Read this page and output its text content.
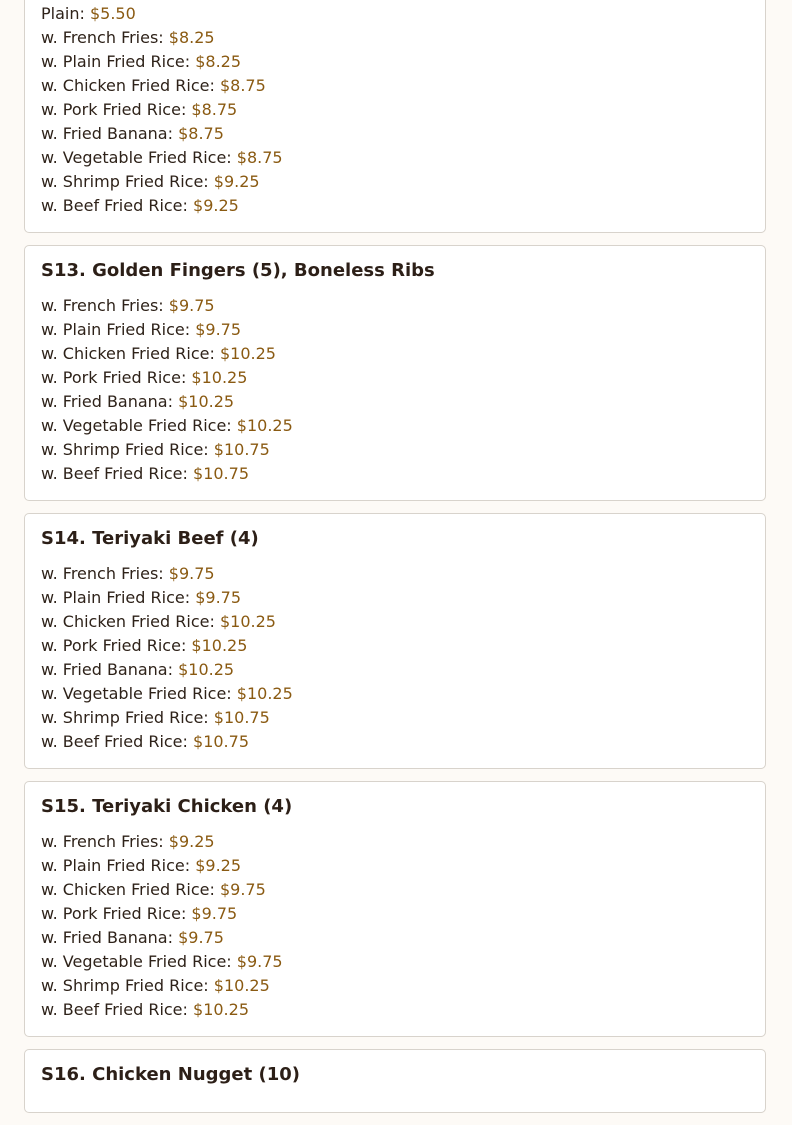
Plain: $5.50
w. French Fries: $8.25
w. Plain Fried Rice: $8.25
w. Chicken Fried Rice: $8.75
w. Pork Fried Rice: $8.75
w. Fried Banana: $8.75
w. Vegetable Fried Rice: $8.75
w. Shrimp Fried Rice: $9.25
w. Beef Fried Rice: $9.25
S13. Golden Fingers (5), Boneless Ribs
w. French Fries: $9.75
w. Plain Fried Rice: $9.75
w. Chicken Fried Rice: $10.25
w. Pork Fried Rice: $10.25
w. Fried Banana: $10.25
w. Vegetable Fried Rice: $10.25
w. Shrimp Fried Rice: $10.75
w. Beef Fried Rice: $10.75
S14. Teriyaki Beef (4)
w. French Fries: $9.75
w. Plain Fried Rice: $9.75
w. Chicken Fried Rice: $10.25
w. Pork Fried Rice: $10.25
w. Fried Banana: $10.25
w. Vegetable Fried Rice: $10.25
w. Shrimp Fried Rice: $10.75
w. Beef Fried Rice: $10.75
S15. Teriyaki Chicken (4)
w. French Fries: $9.25
w. Plain Fried Rice: $9.25
w. Chicken Fried Rice: $9.75
w. Pork Fried Rice: $9.75
w. Fried Banana: $9.75
w. Vegetable Fried Rice: $9.75
w. Shrimp Fried Rice: $10.25
w. Beef Fried Rice: $10.25
S16. Chicken Nugget (10)
